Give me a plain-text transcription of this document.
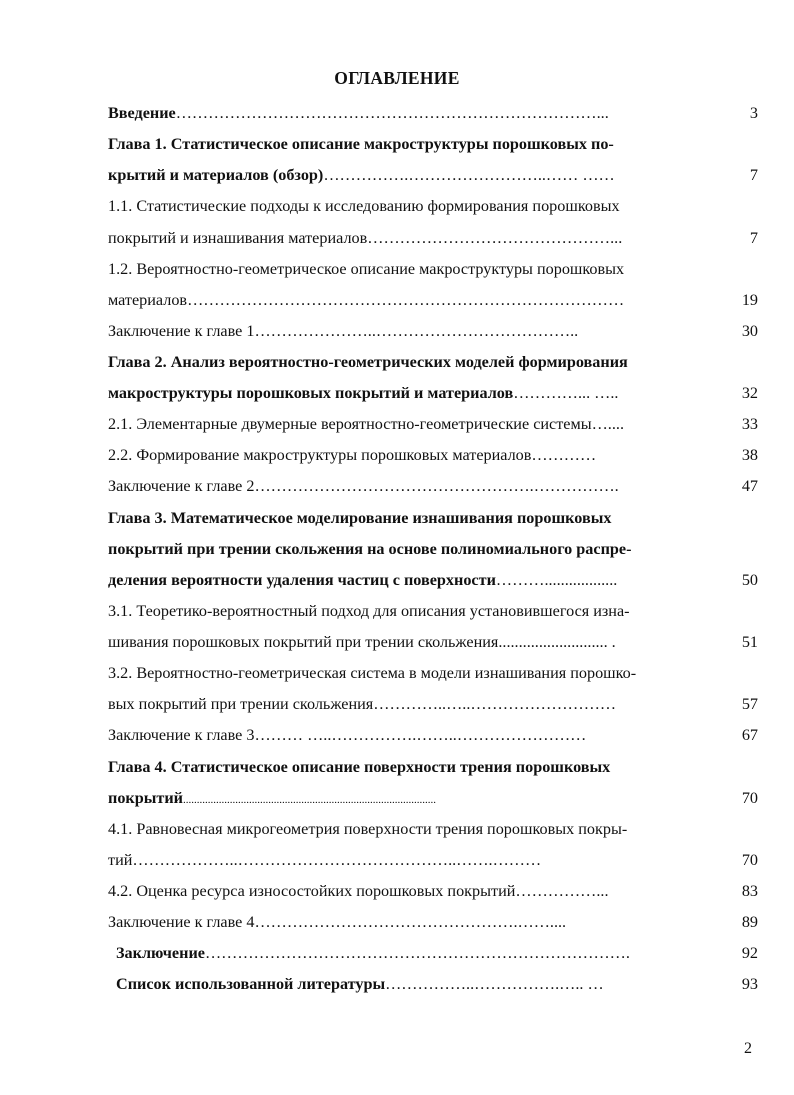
ОГЛАВЛЕНИЕ
Введение……………………………………………………………………...	3
Глава 1. Статистическое описание макроструктуры порошковых по-
крытий и материалов (обзор)…………….……………………..…… ……	7
1.1. Статистические подходы к исследованию формирования порошковых
покрытий и изнашивания материалов………………………………………...	7
1.2. Вероятностно-геометрическое описание макроструктуры порошковых
материалов………………………………………………………………………	19
Заключение к главе 1…………………..………………………………..	30
Глава 2. Анализ вероятностно-геометрических моделей формирования
макроструктуры порошковых покрытий и материалов…………... …..	32
2.1. Элементарные двумерные вероятностно-геометрические системы…....	33
2.2. Формирование макроструктуры порошковых материалов…………	38
Заключение к главе 2…………………………………………….…………….	47
Глава 3. Математическое моделирование изнашивания порошковых
покрытий при трении скольжения на основе полиномиального распре-
деления вероятности удаления частиц с поверхности………..................	50
3.1. Теоретико-вероятностный подход для описания установившегося изна-
шивания порошковых покрытий при трении скольжения........................... .	51
3.2. Вероятностно-геометрическая система в модели изнашивания порошко-
вых покрытий при трении скольжения…………..…..………………………	57
Заключение к главе 3……… …..…………….……..……………………	67
Глава 4. Статистическое описание поверхности трения порошковых
покрытий............................................................................................	70
4.1. Равновесная микрогеометрия поверхности трения порошковых покры-
тий………………..…………………………………..…….………	70
4.2. Оценка ресурса износостойких порошковых покрытий……………...	83
Заключение к главе 4………………………………………….……....	89
Заключение…………………………………………………………………….	92
Список использованной литературы……………..…………….….. …	93
2
